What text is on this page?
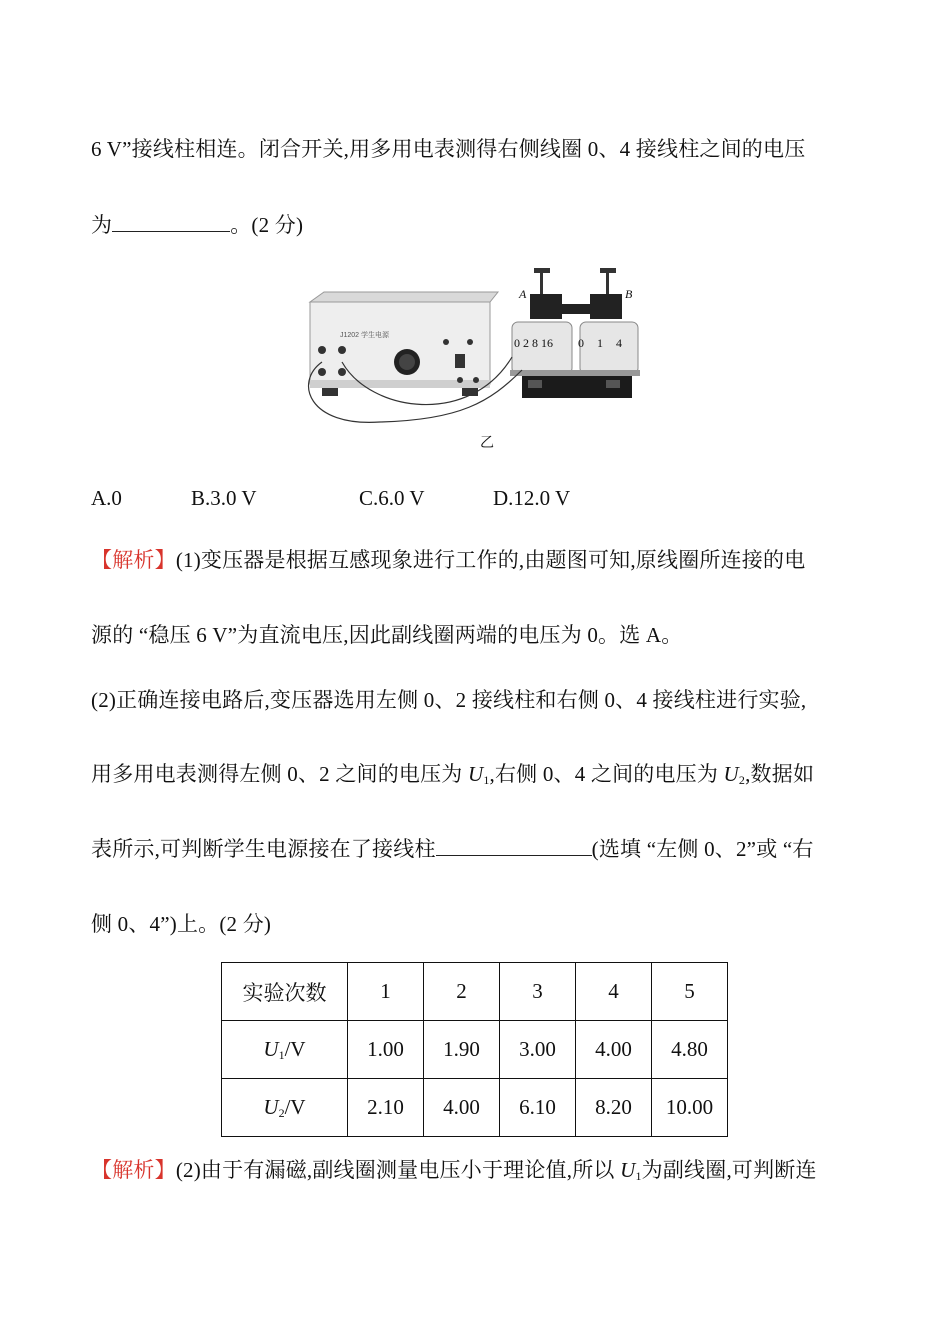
6 V”接线柱相连。闭合开关,用多用电表测得右侧线圈 0、4 接线柱之间的电压
为	。(2 分)
J1202 学生电源
A	B
0 2 8 16 0 1 4
乙
A.0	B.3.0 V	C.6.0 V	D.12.0 V
【解析】(1)变压器是根据互感现象进行工作的,由题图可知,原线圈所连接的电
源的 “稳压 6 V”为直流电压,因此副线圈两端的电压为 0。选 A。
(2)正确连接电路后,变压器选用左侧 0、2 接线柱和右侧 0、4 接线柱进行实验,
用多用电表测得左侧 0、2 之间的电压为 $U_1$,右侧 0、4 之间的电压为 $U_2$,数据如
表所示,可判断学生电源接在了接线柱	(选填 “左侧 0、2”或 “右
侧 0、4”)上。(2 分)
实验次数	1	2	3	4	5
$U_1/V$	1.00	1.90	3.00	4.00	4.80
$U_2/V$	2.10	4.00	6.10	8.20	10.00
【解析】(2)由于有漏磁,副线圈测量电压小于理论值,所以 $U_1$为副线圈,可判断连
